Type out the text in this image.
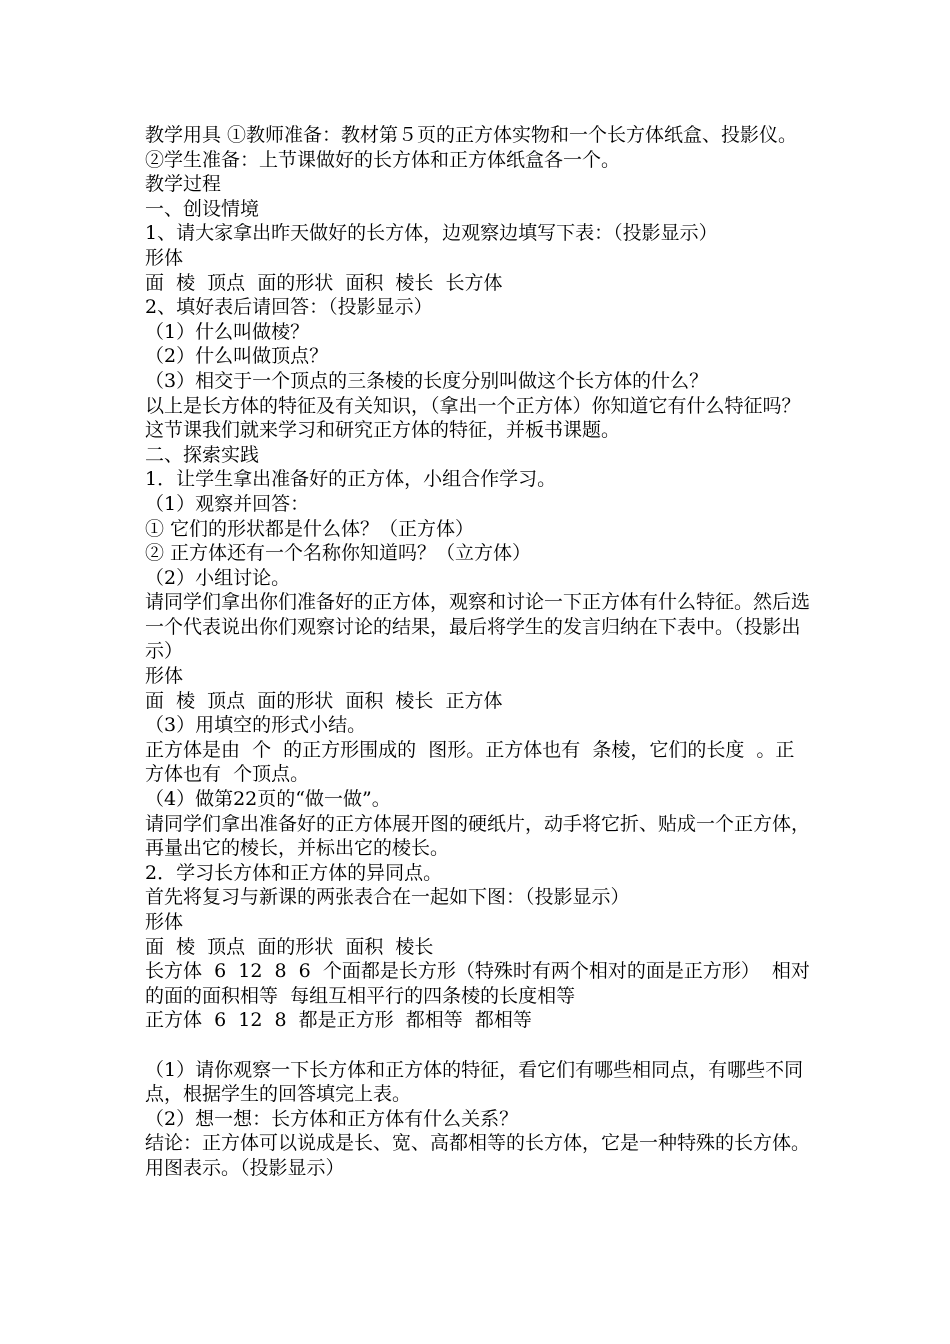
教学用具 ①教师准备：教材第５页的正方体实物和一个长方体纸盒、投影仪。②学生准备：上节课做好的长方体和正方体纸盒各一个。

教学过程

一、创设情境

1、请大家拿出昨天做好的长方体，边观察边填写下表：（投影显示）

形体

面  棱  顶点  面的形状  面积  棱长  长方体

2、填好表后请回答：（投影显示）

（1）什么叫做棱？

（2）什么叫做顶点？

（3）相交于一个顶点的三条棱的长度分别叫做这个长方体的什么？

以上是长方体的特征及有关知识，（拿出一个正方体）你知道它有什么特征吗？这节课我们就来学习和研究正方体的特征，并板书课题。

二、探索实践

1．让学生拿出准备好的正方体，小组合作学习。

（1）观察并回答：

① 它们的形状都是什么体？（正方体）

② 正方体还有一个名称你知道吗？（立方体）

（2）小组讨论。

请同学们拿出你们准备好的正方体，观察和讨论一下正方体有什么特征。然后选一个代表说出你们观察讨论的结果，最后将学生的发言归纳在下表中。（投影出示）

形体

面  棱  顶点  面的形状  面积  棱长  正方体

（3）用填空的形式小结。

正方体是由  个  的正方形围成的  图形。正方体也有  条棱，它们的长度  。正方体也有  个顶点。

（4）做第22页的“做一做”。

请同学们拿出准备好的正方体展开图的硬纸片，动手将它折、贴成一个正方体，再量出它的棱长，并标出它的棱长。

2．学习长方体和正方体的异同点。

首先将复习与新课的两张表合在一起如下图：（投影显示）

形体

面  棱  顶点  面的形状  面积  棱长

长方体  6  12  8  6  个面都是长方形（特殊时有两个相对的面是正方形）  相对的面的面积相等  每组互相平行的四条棱的长度相等

正方体  6  12  8  都是正方形  都相等  都相等

（1）请你观察一下长方体和正方体的特征，看它们有哪些相同点，有哪些不同点，根据学生的回答填完上表。

（2）想一想：长方体和正方体有什么关系？

结论：正方体可以说成是长、宽、高都相等的长方体，它是一种特殊的长方体。用图表示。（投影显示）
